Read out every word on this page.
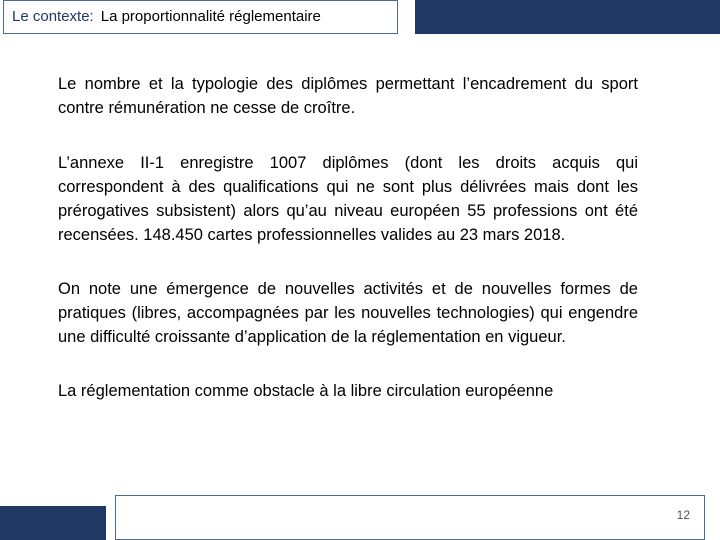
Le contexte: La proportionnalité réglementaire

Le nombre et la typologie des diplômes permettant l’encadrement du sport contre rémunération ne cesse de croître.

L’annexe II-1 enregistre 1007 diplômes (dont les droits acquis qui correspondent à des qualifications qui ne sont plus délivrées mais dont les prérogatives subsistent) alors qu’au niveau européen 55 professions ont été recensées. 148.450 cartes professionnelles valides au 23 mars 2018.

On note une émergence de nouvelles activités et de nouvelles formes de pratiques (libres, accompagnées par les nouvelles technologies) qui engendre une difficulté croissante d’application de la réglementation en vigueur.

La réglementation comme obstacle à la libre circulation européenne

12
